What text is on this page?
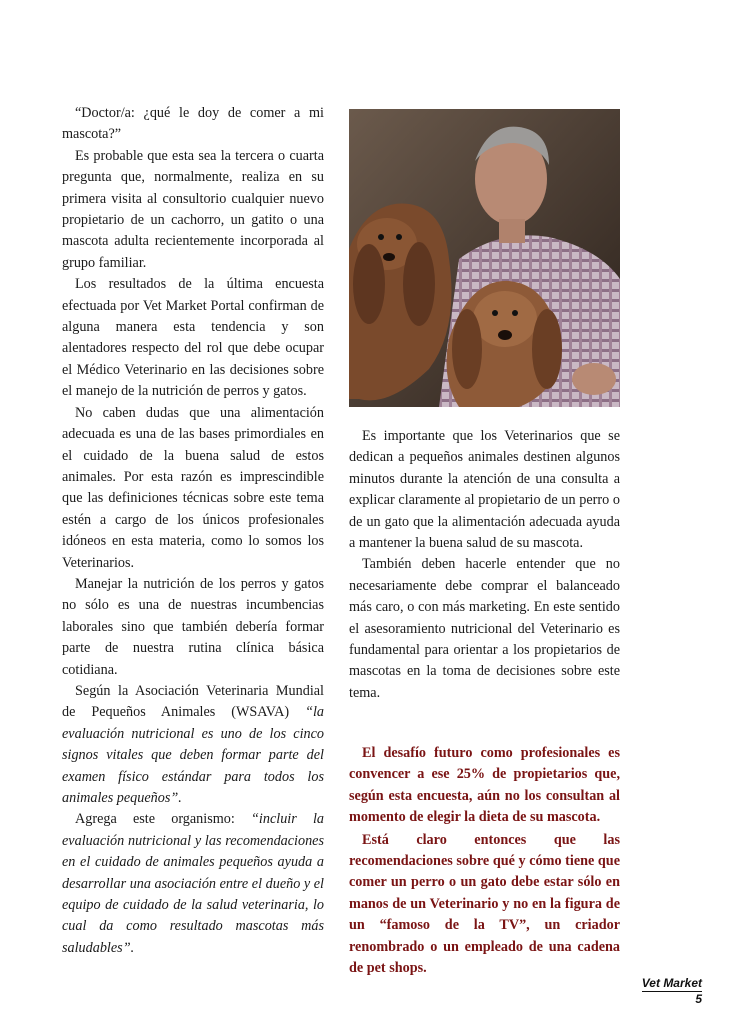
“Doctor/a: ¿qué le doy de comer a mi mascota?”

Es probable que esta sea la tercera o cuarta pregunta que, normalmente, realiza en su primera visita al consultorio cualquier nuevo propietario de un cachorro, un gatito o una mascota adulta recientemente incorporada al grupo familiar.

Los resultados de la última encuesta efectuada por Vet Market Portal confirman de alguna manera esta tendencia y son alentadores respecto del rol que debe ocupar el Médico Veterinario en las decisiones sobre el manejo de la nutrición de perros y gatos.

No caben dudas que una alimentación adecuada es una de las bases primordiales en el cuidado de la buena salud de estos animales. Por esta razón es imprescindible que las definiciones técnicas sobre este tema estén a cargo de los únicos profesionales idóneos en esta materia, como lo somos los Veterinarios.

Manejar la nutrición de los perros y gatos no sólo es una de nuestras incumbencias laborales sino que también debería formar parte de nuestra rutina clínica básica cotidiana.

Según la Asociación Veterinaria Mundial de Pequeños Animales (WSAVA) “la evaluación nutricional es uno de los cinco signos vitales que deben formar parte del examen físico estándar para todos los animales pequeños”.

Agrega este organismo: “incluir la evaluación nutricional y las recomendaciones en el cuidado de animales pequeños ayuda a desarrollar una asociación entre el dueño y el equipo de cuidado de la salud veterinaria, lo cual da como resultado mascotas más saludables”.

Es importante que los Veterinarios que se dedican a pequeños animales destinen algunos minutos durante la atención de una consulta a explicar claramente al propietario de un perro o de un gato que la alimentación adecuada ayuda a mantener la buena salud de su mascota.

También deben hacerle entender que no necesariamente debe comprar el balanceado más caro, o con más marketing. En este sentido el asesoramiento nutricional del Veterinario es fundamental para orientar a los propietarios de mascotas en la toma de decisiones sobre este tema.

El desafío futuro como profesionales es convencer a ese 25% de propietarios que, según esta encuesta, aún no los consultan al momento de elegir la dieta de su mascota.

Está claro entonces que las recomendaciones sobre qué y cómo tiene que comer un perro o un gato debe estar sólo en manos de un Veterinario y no en la figura de un “famoso de la TV”, un criador renombrado o un empleado de una cadena de pet shops.

Vet Market
5
